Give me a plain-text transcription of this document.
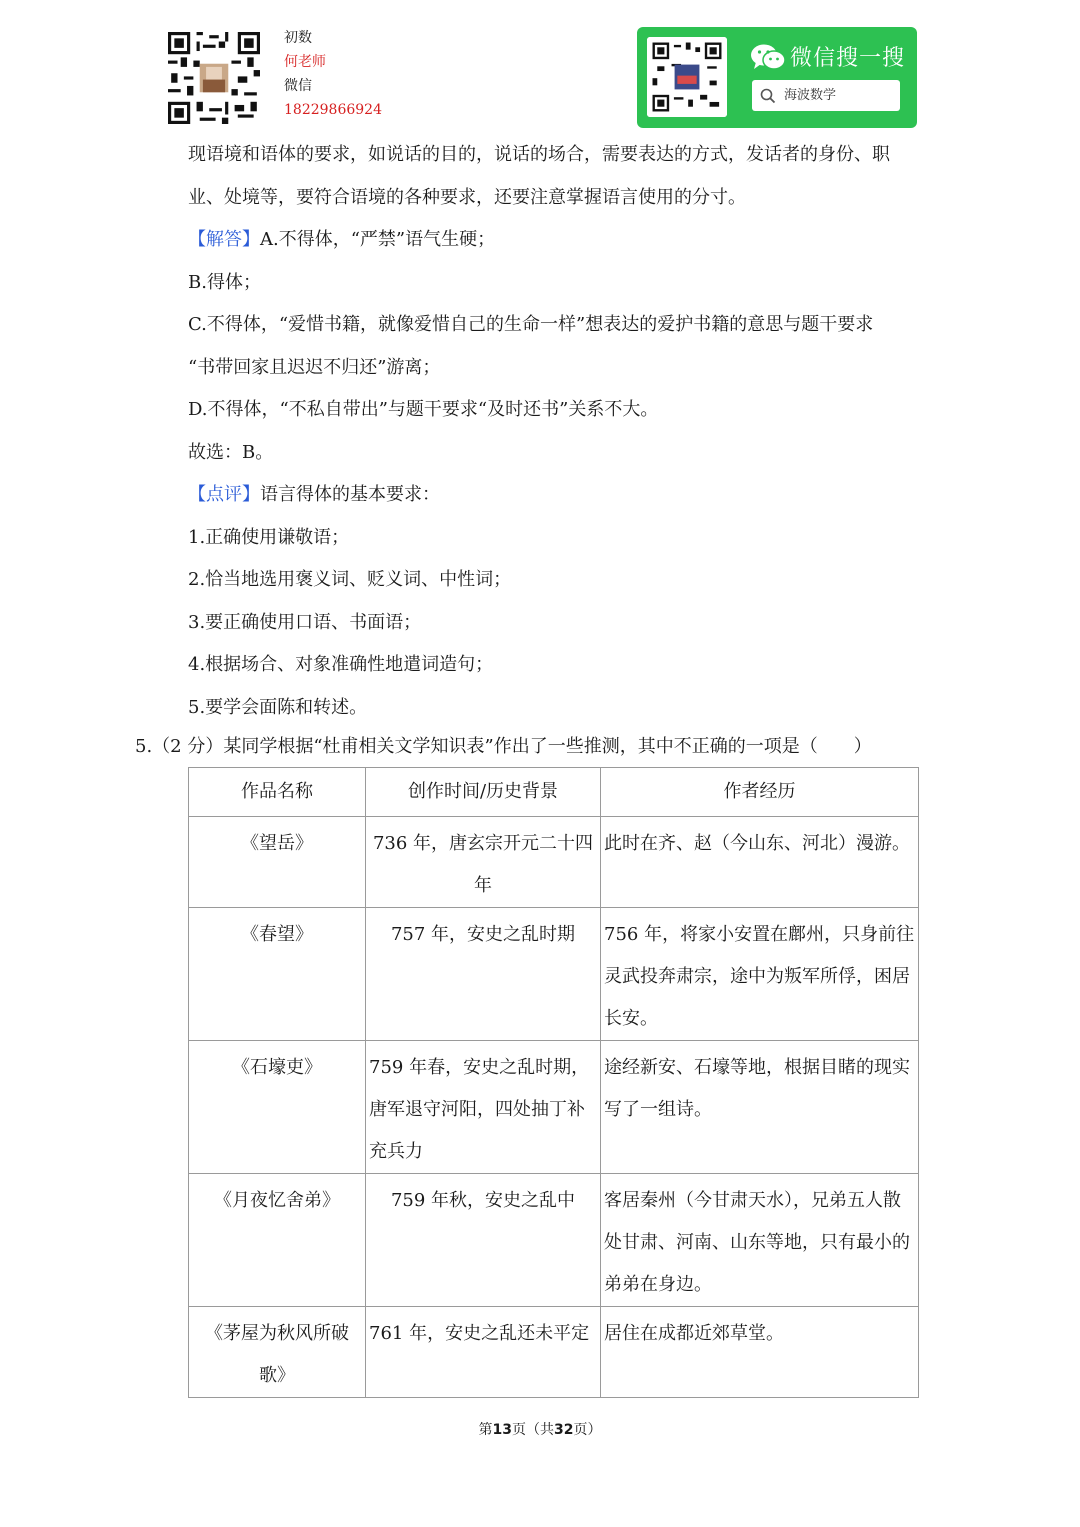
初数
何老师
微信
18229866924
微信搜一搜
海波数学
现语境和语体的要求，如说话的目的，说话的场合，需要表达的方式，发话者的身份、职
业、处境等，要符合语境的各种要求，还要注意掌握语言使用的分寸。
【解答】A.不得体，“严禁”语气生硬；
B.得体；
C.不得体，“爱惜书籍，就像爱惜自己的生命一样”想表达的爱护书籍的意思与题干要求
“书带回家且迟迟不归还”游离；
D.不得体，“不私自带出”与题干要求“及时还书”关系不大。
故选：B。
【点评】语言得体的基本要求：
1.正确使用谦敬语；
2.恰当地选用褒义词、贬义词、中性词；
3.要正确使用口语、书面语；
4.根据场合、对象准确性地遣词造句；
5.要学会面陈和转述。
5.（2 分）某同学根据“杜甫相关文学知识表”作出了一些推测，其中不正确的一项是（　　）
作品名称	创作时间/历史背景	作者经历
《望岳》	736 年，唐玄宗开元二十四年	此时在齐、赵（今山东、河北）漫游。
《春望》	757 年，安史之乱时期	756 年，将家小安置在鄜州，只身前往灵武投奔肃宗，途中为叛军所俘，困居长安。
《石壕吏》	759 年春，安史之乱时期，唐军退守河阳，四处抽丁补充兵力	途经新安、石壕等地，根据目睹的现实写了一组诗。
《月夜忆舍弟》	759 年秋，安史之乱中	客居秦州（今甘肃天水），兄弟五人散处甘肃、河南、山东等地，只有最小的弟弟在身边。
《茅屋为秋风所破歌》	761 年，安史之乱还未平定	居住在成都近郊草堂。
第13页（共32页）
